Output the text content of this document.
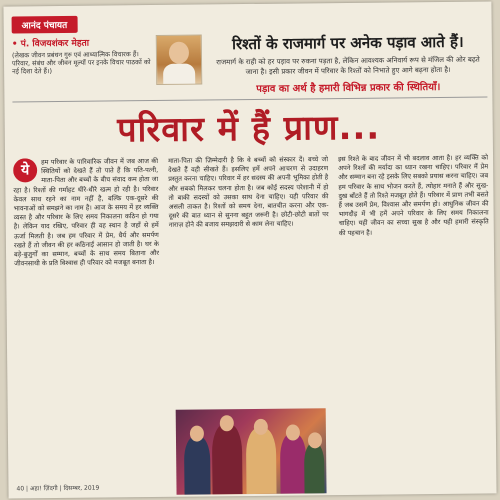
आनंद पंचायत
• पं. विजयशंकर मेहता
(लेखक जीवन प्रबंधन गुरु एवं आध्यात्मिक विचारक हैं। परिवार, संबंध और जीवन मूल्यों पर इनके विचार पाठकों को नई दिशा देते हैं।)
रिश्तों के राजमार्ग पर अनेक पड़ाव आते हैं।
राजमार्ग के राही को हर पड़ाव पर रुकना पड़ता है, लेकिन आवश्यक अनिवार्य रूप से मंजिल की ओर बढ़ते जाना है। इसी प्रकार जीवन में परिवार के रिश्तों को निभाते हुए आगे बढ़ना होता है।
पड़ाव का अर्थ है हमारी विभिन्न प्रकार की स्थितियाँ।
परिवार में हैं प्राण...
ये
हम परिवार के पारिवारिक जीवन में जब आज की स्थितियों को देखते हैं तो पाते हैं कि पति-पत्नी, माता-पिता और बच्चों के बीच संवाद कम होता जा रहा है। रिश्तों की गर्माहट धीरे-धीरे खत्म हो रही है। परिवार केवल साथ रहने का नाम नहीं है, बल्कि एक-दूसरे की भावनाओं को समझने का नाम है। आज के समय में हर व्यक्ति व्यस्त है और परिवार के लिए समय निकालना कठिन हो गया है। लेकिन याद रखिए, परिवार ही वह स्थान है जहाँ से हमें ऊर्जा मिलती है। जब हम परिवार में प्रेम, धैर्य और समर्पण रखते हैं तो जीवन की हर कठिनाई आसान हो जाती है। घर के बड़े-बुजुर्गों का सम्मान, बच्चों के साथ समय बिताना और जीवनसाथी के प्रति विश्वास ही परिवार को मजबूत बनाता है।
माता-पिता की ज़िम्मेदारी है कि वे बच्चों को संस्कार दें। बच्चे जो देखते हैं वही सीखते हैं। इसलिए हमें अपने आचरण से उदाहरण प्रस्तुत करना चाहिए। परिवार में हर सदस्य की अपनी भूमिका होती है और सबको मिलकर चलना होता है। जब कोई सदस्य परेशानी में हो तो बाकी सदस्यों को उसका साथ देना चाहिए। यही परिवार की असली ताकत है। रिश्तों को समय देना, बातचीत करना और एक-दूसरे की बात ध्यान से सुनना बहुत जरूरी है। छोटी-छोटी बातों पर नाराज़ होने की बजाय समझदारी से काम लेना चाहिए।
इस रिश्ते के बाद जीवन में भी बदलाव आता है। हर व्यक्ति को अपने रिश्तों की मर्यादा का ध्यान रखना चाहिए। परिवार में प्रेम और सम्मान बना रहे इसके लिए सबको प्रयास करना चाहिए। जब हम परिवार के साथ भोजन करते हैं, त्योहार मनाते हैं और सुख-दुख बाँटते हैं तो रिश्ते मजबूत होते हैं। परिवार में प्राण तभी बसते हैं जब उसमें प्रेम, विश्वास और समर्पण हो। आधुनिक जीवन की भागदौड़ में भी हमें अपने परिवार के लिए समय निकालना चाहिए। यही जीवन का सच्चा सुख है और यही हमारी संस्कृति की पहचान है।
40 | अहा! ज़िंदगी | दिसम्बर, 2019
